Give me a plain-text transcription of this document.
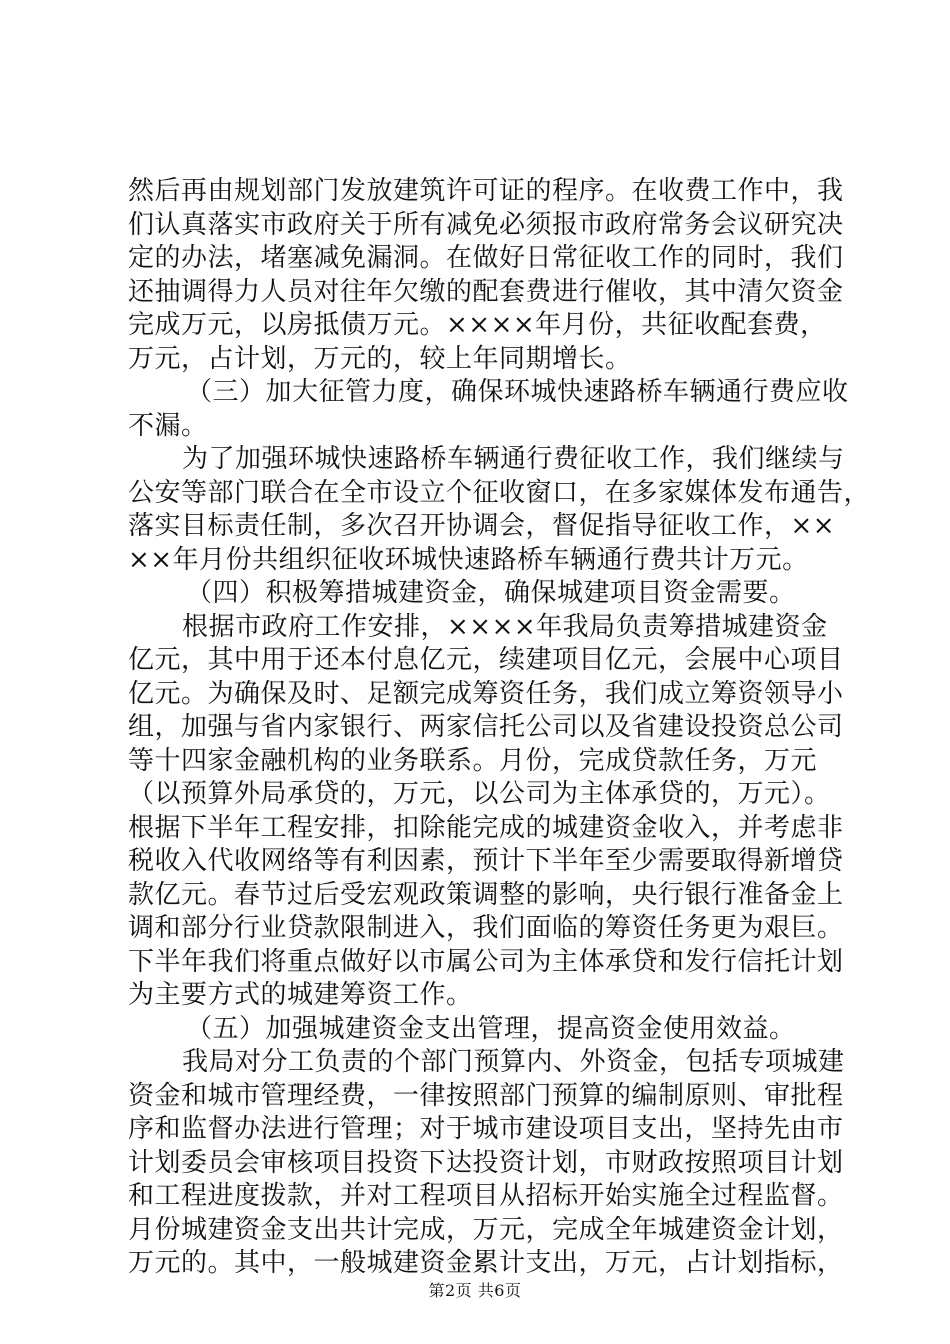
然后再由规划部门发放建筑许可证的程序。在收费工作中，我
们认真落实市政府关于所有减免必须报市政府常务会议研究决
定的办法，堵塞减免漏洞。在做好日常征收工作的同时，我们
还抽调得力人员对往年欠缴的配套费进行催收，其中清欠资金
完成万元，以房抵债万元。××××年月份，共征收配套费，
万元，占计划，万元的，较上年同期增长。
（三）加大征管力度，确保环城快速路桥车辆通行费应收
不漏。
为了加强环城快速路桥车辆通行费征收工作，我们继续与
公安等部门联合在全市设立个征收窗口，在多家媒体发布通告，
落实目标责任制，多次召开协调会，督促指导征收工作，××
××年月份共组织征收环城快速路桥车辆通行费共计万元。
（四）积极筹措城建资金，确保城建项目资金需要。
根据市政府工作安排，××××年我局负责筹措城建资金
亿元，其中用于还本付息亿元，续建项目亿元，会展中心项目
亿元。为确保及时、足额完成筹资任务，我们成立筹资领导小
组，加强与省内家银行、两家信托公司以及省建设投资总公司
等十四家金融机构的业务联系。月份，完成贷款任务，万元
（以预算外局承贷的，万元，以公司为主体承贷的，万元）。
根据下半年工程安排，扣除能完成的城建资金收入，并考虑非
税收入代收网络等有利因素，预计下半年至少需要取得新增贷
款亿元。春节过后受宏观政策调整的影响，央行银行准备金上
调和部分行业贷款限制进入，我们面临的筹资任务更为艰巨。
下半年我们将重点做好以市属公司为主体承贷和发行信托计划
为主要方式的城建筹资工作。
（五）加强城建资金支出管理，提高资金使用效益。
我局对分工负责的个部门预算内、外资金，包括专项城建
资金和城市管理经费，一律按照部门预算的编制原则、审批程
序和监督办法进行管理；对于城市建设项目支出，坚持先由市
计划委员会审核项目投资下达投资计划，市财政按照项目计划
和工程进度拨款，并对工程项目从招标开始实施全过程监督。
月份城建资金支出共计完成，万元，完成全年城建资金计划，
万元的。其中，一般城建资金累计支出，万元，占计划指标，
第2页 共6页
